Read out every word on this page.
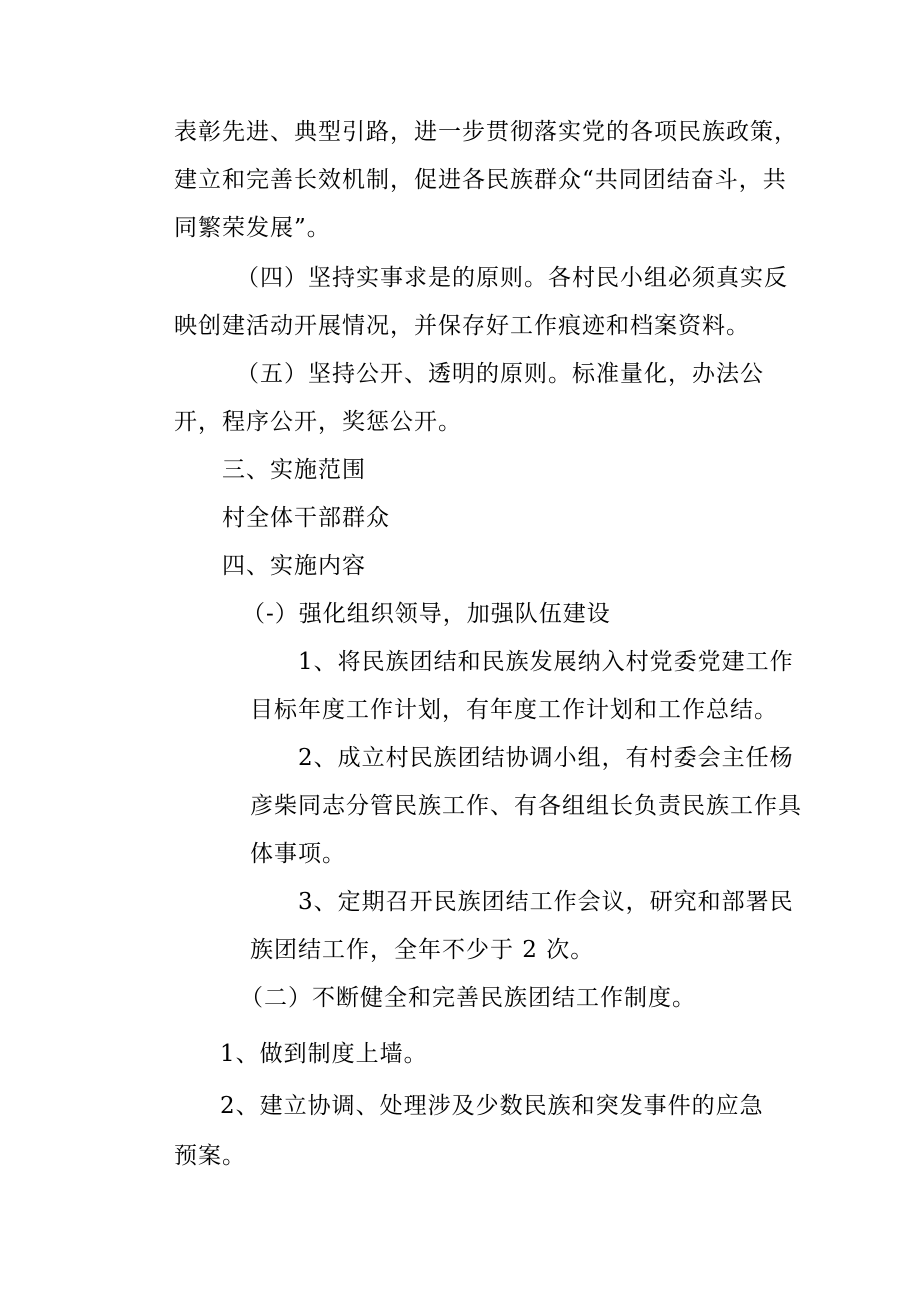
表彰先进、典型引路，进一步贯彻落实党的各项民族政策，

建立和完善长效机制，促进各民族群众“共同团结奋斗，共

同繁荣发展”。

（四）坚持实事求是的原则。各村民小组必须真实反

映创建活动开展情况，并保存好工作痕迹和档案资料。

（五）坚持公开、透明的原则。标准量化，办法公

开，程序公开，奖惩公开。

三、实施范围

村全体干部群众

四、实施内容

（-）强化组织领导，加强队伍建设

1、将民族团结和民族发展纳入村党委党建工作

目标年度工作计划，有年度工作计划和工作总结。

2、成立村民族团结协调小组，有村委会主任杨

彦柴同志分管民族工作、有各组组长负责民族工作具

体事项。

3、定期召开民族团结工作会议，研究和部署民

族团结工作，全年不少于 2 次。

（二）不断健全和完善民族团结工作制度。

1、做到制度上墙。

2、建立协调、处理涉及少数民族和突发事件的应急

预案。
